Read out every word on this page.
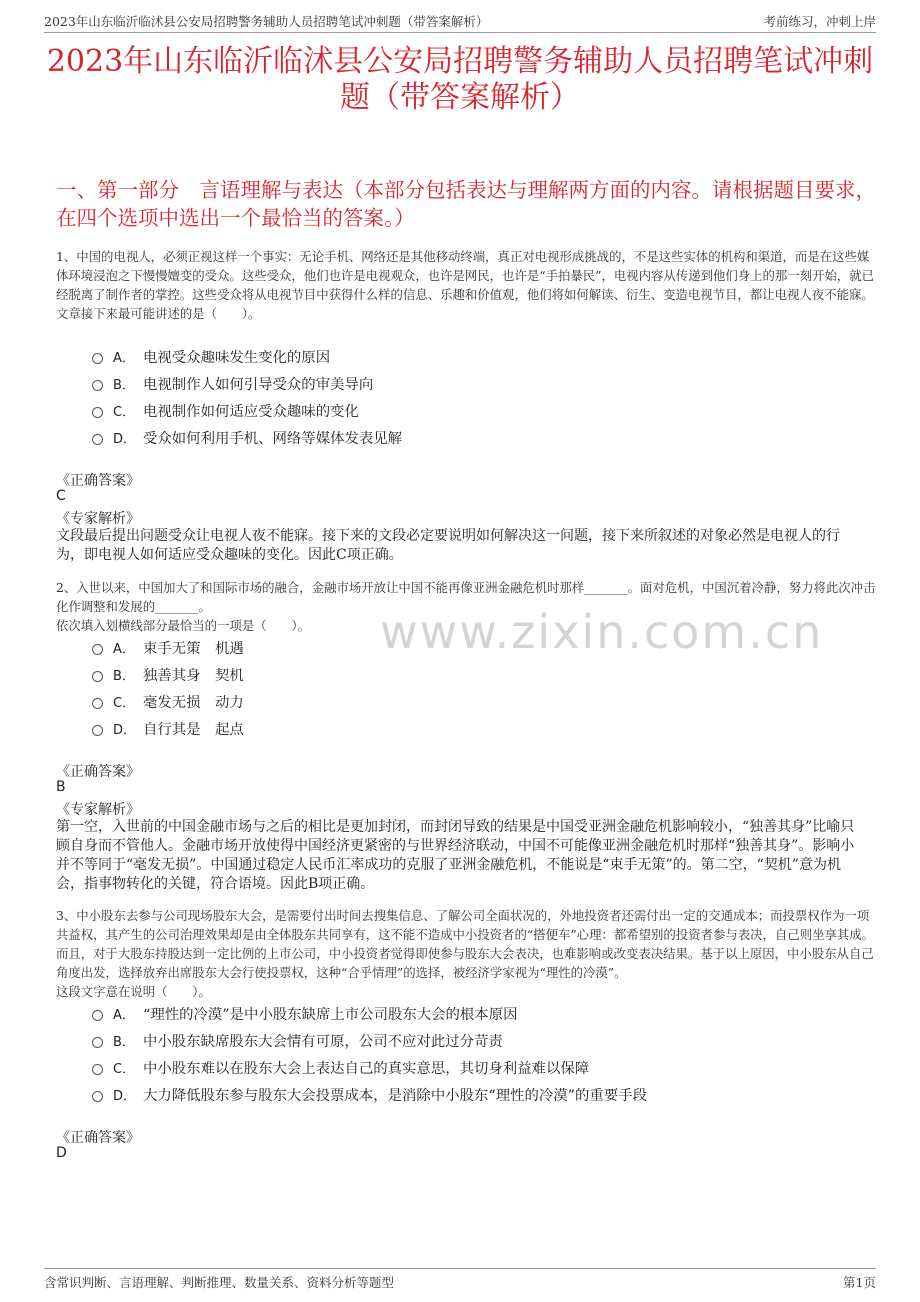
2023年山东临沂临沭县公安局招聘警务辅助人员招聘笔试冲刺题（带答案解析）	考前练习，冲刺上岸
2023年山东临沂临沭县公安局招聘警务辅助人员招聘笔试冲刺题（带答案解析）
一、第一部分　言语理解与表达（本部分包括表达与理解两方面的内容。请根据题目要求，在四个选项中选出一个最恰当的答案。）
www.zixin.com.cn
1、中国的电视人，必须正视这样一个事实：无论手机、网络还是其他移动终端，真正对电视形成挑战的，不是这些实体的机构和渠道，而是在这些媒体环境浸泡之下慢慢嬗变的受众。这些受众，他们也许是电视观众，也许是网民，也许是“手拍暴民”，电视内容从传递到他们身上的那一刻开始，就已经脱离了制作者的掌控。这些受众将从电视节目中获得什么样的信息、乐趣和价值观，他们将如何解读、衍生、变造电视节目，都让电视人夜不能寐。
文章接下来最可能讲述的是（　　）。
A． 电视受众趣味发生变化的原因
B． 电视制作人如何引导受众的审美导向
C． 电视制作如何适应受众趣味的变化
D． 受众如何利用手机、网络等媒体发表见解
《正确答案》
C
《专家解析》
文段最后提出问题受众让电视人夜不能寐。接下来的文段必定要说明如何解决这一问题，接下来所叙述的对象必然是电视人的行为，即电视人如何适应受众趣味的变化。因此C项正确。
2、入世以来，中国加大了和国际市场的融合，金融市场开放让中国不能再像亚洲金融危机时那样_______。面对危机，中国沉着冷静，努力将此次冲击化作调整和发展的_______。
依次填入划横线部分最恰当的一项是（　　）。
A． 束手无策　机遇
B． 独善其身　契机
C． 毫发无损　动力
D． 自行其是　起点
《正确答案》
B
《专家解析》
第一空，入世前的中国金融市场与之后的相比是更加封闭，而封闭导致的结果是中国受亚洲金融危机影响较小，“独善其身”比喻只顾自身而不管他人。金融市场开放使得中国经济更紧密的与世界经济联动，中国不可能像亚洲金融危机时那样“独善其身”。影响小并不等同于“毫发无损”。中国通过稳定人民币汇率成功的克服了亚洲金融危机，不能说是“束手无策”的。第二空，“契机”意为机会，指事物转化的关键，符合语境。因此B项正确。
3、中小股东去参与公司现场股东大会，是需要付出时间去搜集信息、了解公司全面状况的，外地投资者还需付出一定的交通成本；而投票权作为一项共益权，其产生的公司治理效果却是由全体股东共同享有，这不能不造成中小投资者的“搭便车”心理：都希望别的投资者参与表决，自己则坐享其成。而且，对于大股东持股达到一定比例的上市公司，中小投资者觉得即使参与股东大会表决，也难影响或改变表决结果。基于以上原因，中小股东从自己角度出发，选择放弃出席股东大会行使投票权，这种“合乎情理”的选择，被经济学家视为“理性的冷漠”。
这段文字意在说明（　　）。
A． “理性的冷漠”是中小股东缺席上市公司股东大会的根本原因
B． 中小股东缺席股东大会情有可原，公司不应对此过分苛责
C． 中小股东难以在股东大会上表达自己的真实意思，其切身利益难以保障
D． 大力降低股东参与股东大会投票成本，是消除中小股东“理性的冷漠”的重要手段
《正确答案》
D
含常识判断、言语理解、判断推理、数量关系、资料分析等题型	第1页
